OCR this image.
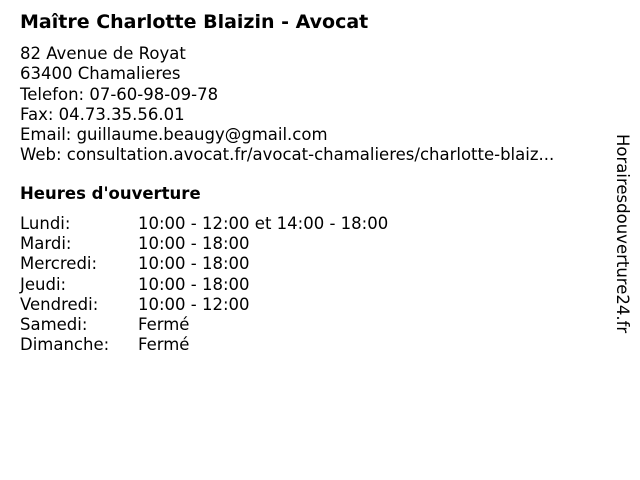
Maître Charlotte Blaizin - Avocat
82 Avenue de Royat
63400 Chamalieres
Telefon: 07-60-98-09-78
Fax: 04.73.35.56.01
Email: guillaume.beaugy@gmail.com
Web: consultation.avocat.fr/avocat-chamalieres/charlotte-blaiz...
Heures d'ouverture
Lundi:	10:00 - 12:00 et 14:00 - 18:00
Mardi:	10:00 - 18:00
Mercredi:	10:00 - 18:00
Jeudi:	10:00 - 18:00
Vendredi:	10:00 - 12:00
Samedi:	Fermé
Dimanche:	Fermé
Horairesdouverture24.fr
